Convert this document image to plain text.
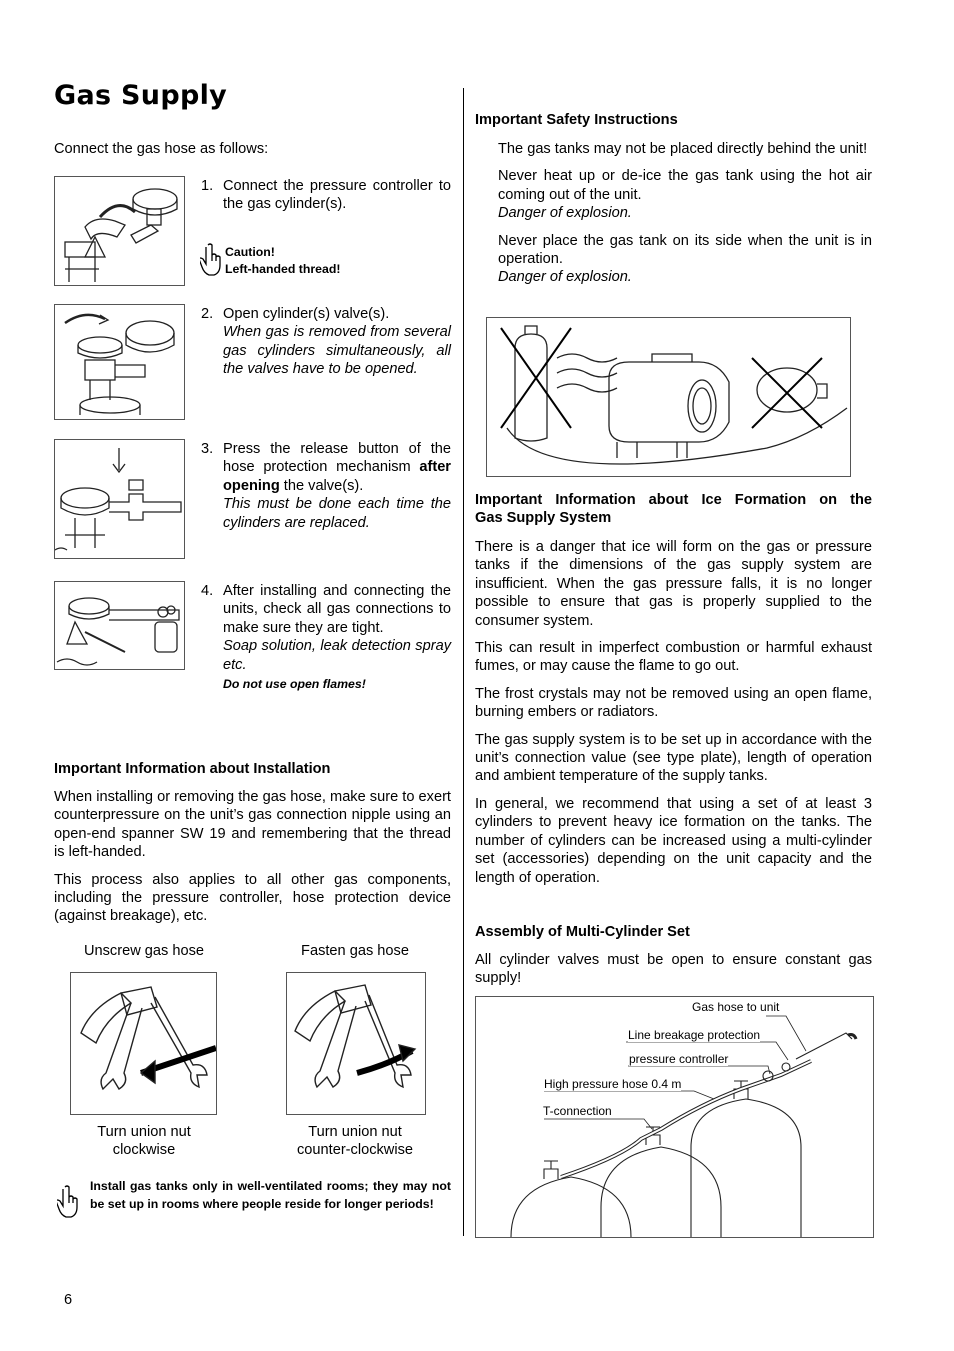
Gas Supply
Connect the gas hose as follows:
1. Connect the pressure controller to the gas cylinder(s).
Caution!
Left-handed thread!
2. Open cylinder(s) valve(s).
When gas is removed from several gas cylinders simultaneously, all the valves have to be opened.
3. Press the release button of the hose protection mechanism after opening the valve(s).
This must be done each time the cylinders are replaced.
4. After installing and connecting the units, check all gas connections to make sure they are tight.
Soap solution, leak detection spray etc.
Do not use open flames!
Important Information about Installation

When installing or removing the gas hose, make sure to exert counterpressure on the unit’s gas connection nipple using an open-end spanner SW 19 and remembering that the thread is left-handed.

This process also applies to all other gas components, including the pressure controller, hose protection device (against breakage), etc.

Unscrew gas hose	Fasten gas hose
Turn union nut
clockwise
Turn union nut
counter-clockwise
Install gas tanks only in well-ventilated rooms; they may not be set up in rooms where people reside for longer periods!
Important Safety Instructions

The gas tanks may not be placed directly behind the unit!

Never heat up or de-ice the gas tank using the hot air coming out of the unit.

Danger of explosion.

Never place the gas tank on its side when the unit is in operation.

Danger of explosion.

Important Information about Ice Formation on the
Gas Supply System

There is a danger that ice will form on the gas or pressure tanks if the dimensions of the gas supply system are insufficient. When the gas pressure falls, it is no longer possible to ensure that gas is properly supplied to the consumer system.

This can result in imperfect combustion or harmful exhaust fumes, or may cause the flame to go out.

The frost crystals may not be removed using an open flame, burning embers or radiators.

The gas supply system is to be set up in accordance with the unit’s connection value (see type plate), length of operation and ambient temperature of the supply tanks.

In general, we recommend that using a set of at least 3 cylinders to prevent heavy ice formation on the tanks. The number of cylinders can be increased using a multi-cylinder set (accessories) depending on the unit capacity and the length of operation.

Assembly of Multi-Cylinder Set
All cylinder valves must be open to ensure constant gas supply!
Gas hose to unit
Line breakage protection
pressure controller
High pressure hose 0.4 m
T-connection
6
